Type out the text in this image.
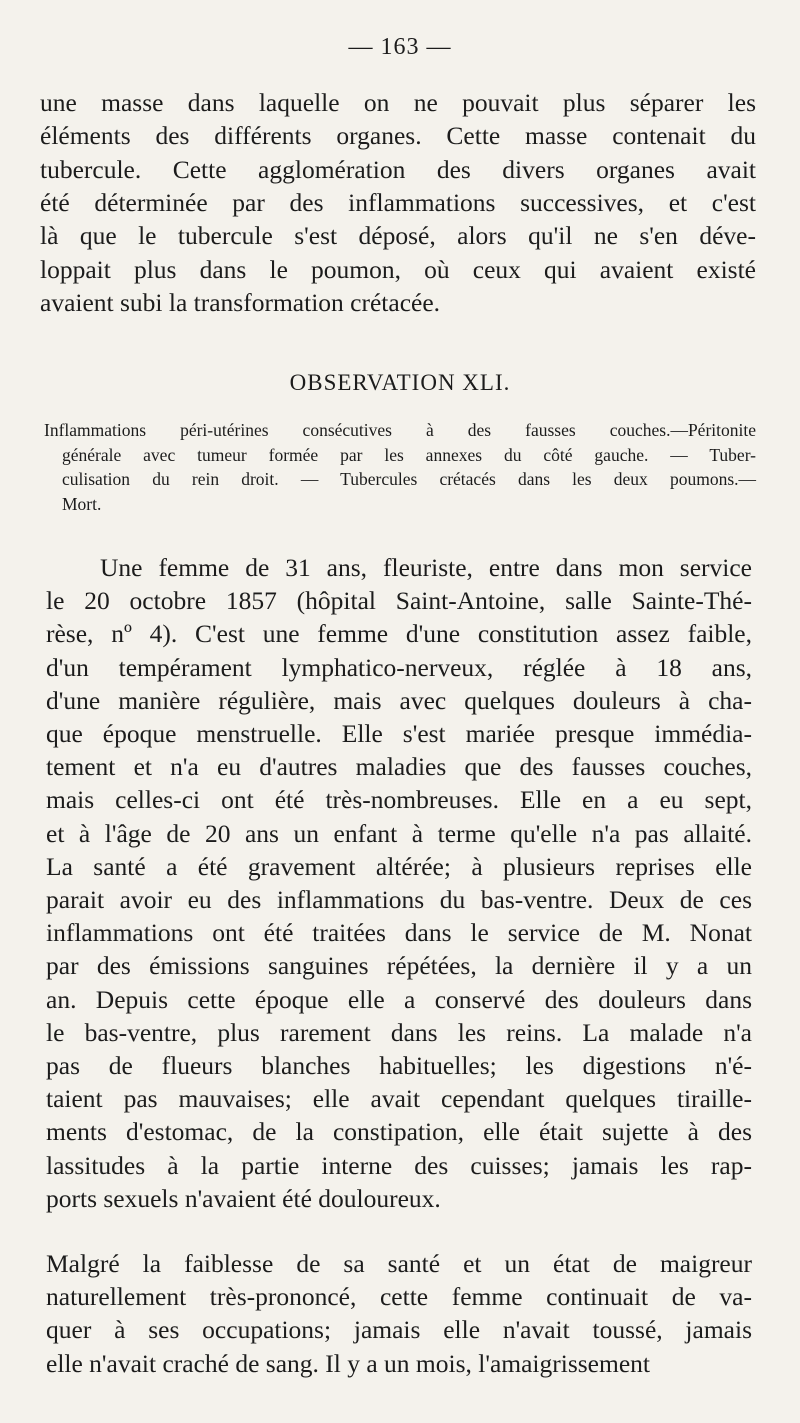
— 163 —
une masse dans laquelle on ne pouvait plus séparer les
éléments des différents organes. Cette masse contenait du
tubercule. Cette agglomération des divers organes avait
été déterminée par des inflammations successives, et c'est
là que le tubercule s'est déposé, alors qu'il ne s'en déve-
loppait plus dans le poumon, où ceux qui avaient existé
avaient subi la transformation crétacée.
OBSERVATION XLI.
Inflammations péri-utérines consécutives à des fausses couches.—Péritonite
générale avec tumeur formée par les annexes du côté gauche. — Tuber-
culisation du rein droit. — Tubercules crétacés dans les deux poumons.—
Mort.
Une femme de 31 ans, fleuriste, entre dans mon service
le 20 octobre 1857 (hôpital Saint-Antoine, salle Sainte-Thé-
rèse, nº 4). C'est une femme d'une constitution assez faible,
d'un tempérament lymphatico-nerveux, réglée à 18 ans,
d'une manière régulière, mais avec quelques douleurs à cha-
que époque menstruelle. Elle s'est mariée presque immédia-
tement et n'a eu d'autres maladies que des fausses couches,
mais celles-ci ont été très-nombreuses. Elle en a eu sept,
et à l'âge de 20 ans un enfant à terme qu'elle n'a pas allaité.
La santé a été gravement altérée; à plusieurs reprises elle
parait avoir eu des inflammations du bas-ventre. Deux de ces
inflammations ont été traitées dans le service de M. Nonat
par des émissions sanguines répétées, la dernière il y a un
an. Depuis cette époque elle a conservé des douleurs dans
le bas-ventre, plus rarement dans les reins. La malade n'a
pas de flueurs blanches habituelles; les digestions n'é-
taient pas mauvaises; elle avait cependant quelques tiraille-
ments d'estomac, de la constipation, elle était sujette à des
lassitudes à la partie interne des cuisses; jamais les rap-
ports sexuels n'avaient été douloureux.
Malgré la faiblesse de sa santé et un état de maigreur
naturellement très-prononcé, cette femme continuait de va-
quer à ses occupations; jamais elle n'avait toussé, jamais
elle n'avait craché de sang. Il y a un mois, l'amaigrissement
